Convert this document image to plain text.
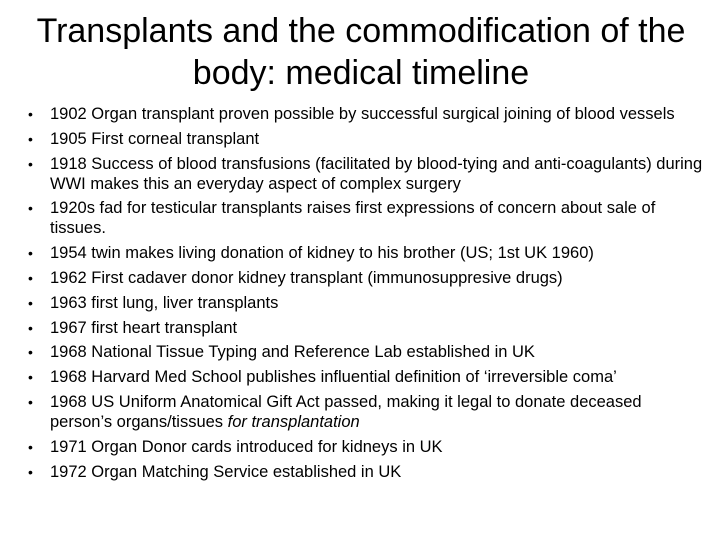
Transplants and the commodification of the body: medical timeline
• 1902 Organ transplant proven possible by successful surgical joining of blood vessels
• 1905 First corneal transplant
• 1918 Success of blood transfusions (facilitated by blood-tying and anti-coagulants) during WWI makes this an everyday aspect of complex surgery
• 1920s fad for testicular transplants raises first expressions of concern about sale of tissues.
• 1954 twin makes living donation of kidney to his brother (US; 1st UK 1960)
• 1962 First cadaver donor kidney transplant (immunosuppresive drugs)
• 1963 first lung, liver transplants
• 1967 first heart transplant
• 1968 National Tissue Typing and Reference Lab established in UK
• 1968 Harvard Med School publishes influential definition of ‘irreversible coma’
• 1968 US Uniform Anatomical Gift Act passed, making it legal to donate deceased person’s organs/tissues for transplantation
• 1971 Organ Donor cards introduced for kidneys in UK
• 1972 Organ Matching Service established in UK
